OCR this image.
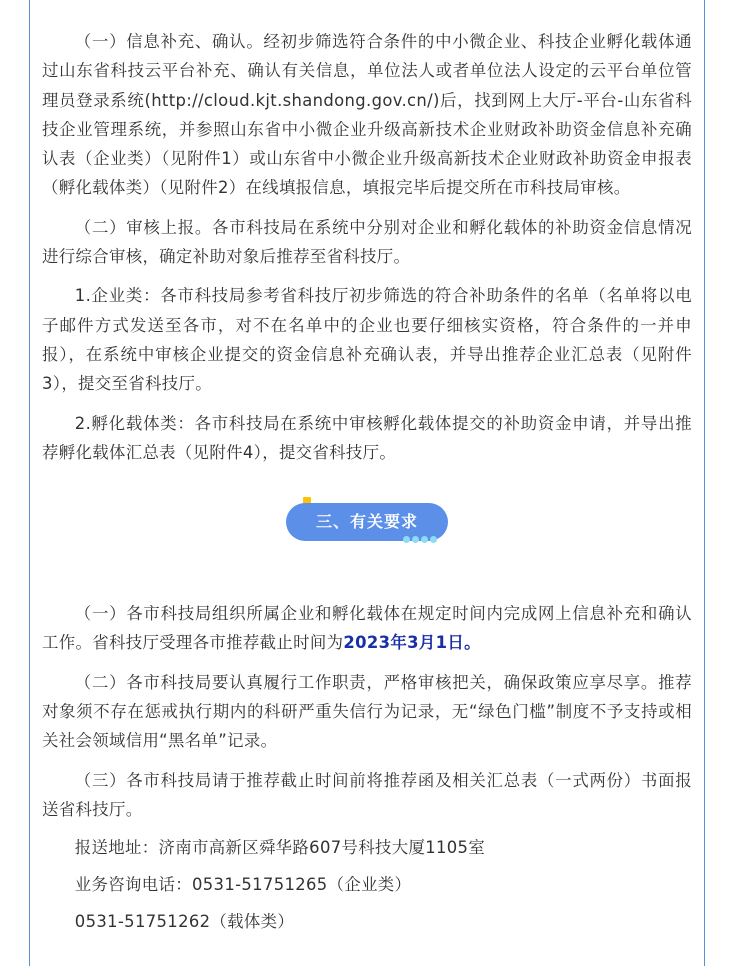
（一）信息补充、确认。经初步筛选符合条件的中小微企业、科技企业孵化载体通过山东省科技云平台补充、确认有关信息，单位法人或者单位法人设定的云平台单位管理员登录系统(http://cloud.kjt.shandong.gov.cn/)后，找到网上大厅-平台-山东省科技企业管理系统，并参照山东省中小微企业升级高新技术企业财政补助资金信息补充确认表（企业类）（见附件1）或山东省中小微企业升级高新技术企业财政补助资金申报表（孵化载体类）（见附件2）在线填报信息，填报完毕后提交所在市科技局审核。

（二）审核上报。各市科技局在系统中分别对企业和孵化载体的补助资金信息情况进行综合审核，确定补助对象后推荐至省科技厅。

1.企业类：各市科技局参考省科技厅初步筛选的符合补助条件的名单（名单将以电子邮件方式发送至各市，对不在名单中的企业也要仔细核实资格，符合条件的一并申报），在系统中审核企业提交的资金信息补充确认表，并导出推荐企业汇总表（见附件3），提交至省科技厅。

2.孵化载体类：各市科技局在系统中审核孵化载体提交的补助资金申请，并导出推荐孵化载体汇总表（见附件4），提交省科技厅。

三、有关要求

（一）各市科技局组织所属企业和孵化载体在规定时间内完成网上信息补充和确认工作。省科技厅受理各市推荐截止时间为2023年3月1日。

（二）各市科技局要认真履行工作职责，严格审核把关，确保政策应享尽享。推荐对象须不存在惩戒执行期内的科研严重失信行为记录，无“绿色门槛”制度不予支持或相关社会领域信用“黑名单”记录。

（三）各市科技局请于推荐截止时间前将推荐函及相关汇总表（一式两份）书面报送省科技厅。

报送地址：济南市高新区舜华路607号科技大厦1105室

业务咨询电话：0531-51751265（企业类）

0531-51751262（载体类）
